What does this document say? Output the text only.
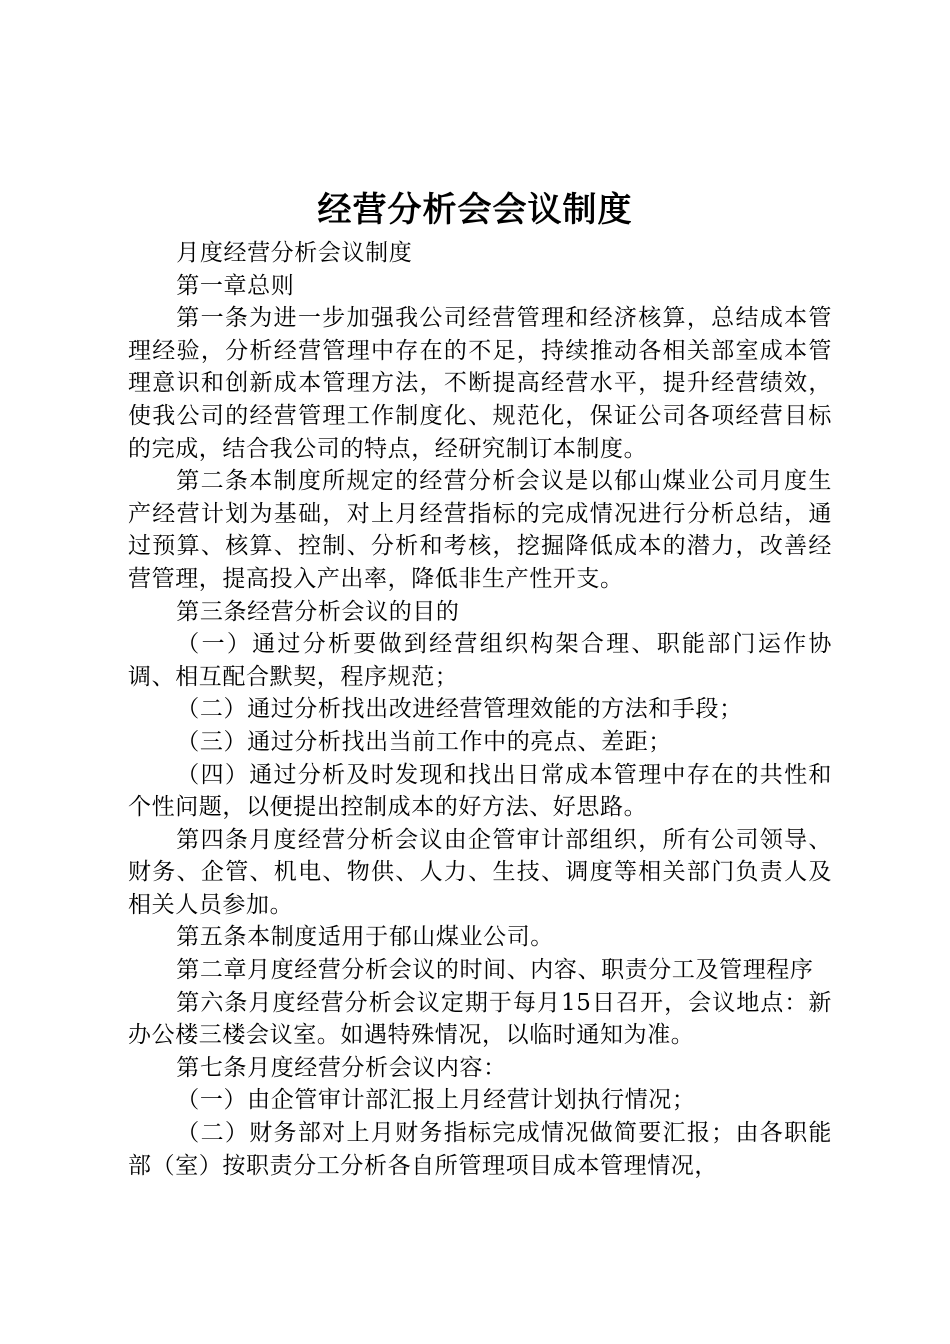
经营分析会会议制度

月度经营分析会议制度

第一章总则

第一条为进一步加强我公司经营管理和经济核算，总结成本管理经验，分析经营管理中存在的不足，持续推动各相关部室成本管理意识和创新成本管理方法，不断提高经营水平，提升经营绩效，使我公司的经营管理工作制度化、规范化，保证公司各项经营目标的完成，结合我公司的特点，经研究制订本制度。

第二条本制度所规定的经营分析会议是以郁山煤业公司月度生产经营计划为基础，对上月经营指标的完成情况进行分析总结，通过预算、核算、控制、分析和考核，挖掘降低成本的潜力，改善经营管理，提高投入产出率，降低非生产性开支。

第三条经营分析会议的目的

（一）通过分析要做到经营组织构架合理、职能部门运作协调、相互配合默契，程序规范；

（二）通过分析找出改进经营管理效能的方法和手段；

（三）通过分析找出当前工作中的亮点、差距；

（四）通过分析及时发现和找出日常成本管理中存在的共性和个性问题，以便提出控制成本的好方法、好思路。

第四条月度经营分析会议由企管审计部组织，所有公司领导、财务、企管、机电、物供、人力、生技、调度等相关部门负责人及相关人员参加。

第五条本制度适用于郁山煤业公司。

第二章月度经营分析会议的时间、内容、职责分工及管理程序

第六条月度经营分析会议定期于每月15日召开，会议地点：新办公楼三楼会议室。如遇特殊情况，以临时通知为准。

第七条月度经营分析会议内容：

（一）由企管审计部汇报上月经营计划执行情况；

（二）财务部对上月财务指标完成情况做简要汇报；由各职能部（室）按职责分工分析各自所管理项目成本管理情况，
